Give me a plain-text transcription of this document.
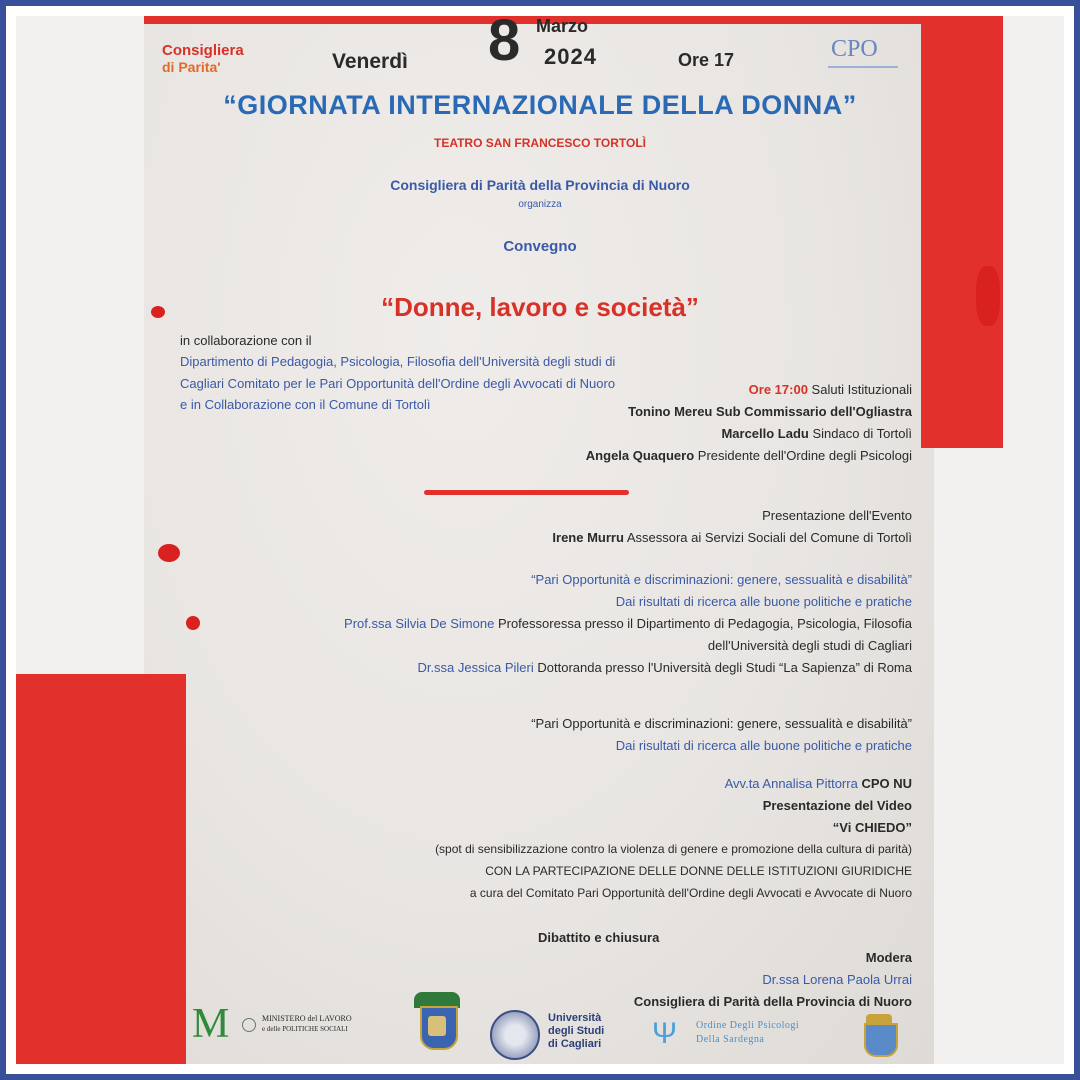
Consigliera
di Parita'	Venerdì 8 Marzo
2024	Ore 17	CPO
“GIORNATA INTERNAZIONALE DELLA DONNA”
TEATRO SAN FRANCESCO TORTOLÌ
Consigliera di Parità della Provincia di Nuoro
organizza
Convegno
“Donne, lavoro e società”
in collaborazione con il
Dipartimento di Pedagogia, Psicologia, Filosofia dell'Università degli studi di
Cagliari Comitato per le Pari Opportunità dell'Ordine degli Avvocati di Nuoro
e in Collaborazione con il Comune di Tortolì
Ore 17:00 Saluti Istituzionali
Tonino Mereu Sub Commissario dell'Ogliastra
Marcello Ladu Sindaco di Tortolì
Angela Quaquero Presidente dell'Ordine degli Psicologi
Presentazione dell'Evento
Irene Murru Assessora ai Servizi Sociali del Comune di Tortolì
“Pari Opportunità e discriminazioni: genere, sessualità e disabilità”
Dai risultati di ricerca alle buone politiche e pratiche
Prof.ssa Silvia De Simone Professoressa presso il Dipartimento di Pedagogia, Psicologia, Filosofia
dell'Università degli studi di Cagliari
Dr.ssa Jessica Pileri Dottoranda presso l'Università degli Studi “La Sapienza” di Roma
“Pari Opportunità e discriminazioni: genere, sessualità e disabilità”
Dai risultati di ricerca alle buone politiche e pratiche
Avv.ta Annalisa Pittorra CPO NU
Presentazione del Video
“Vi CHIEDO”
(spot di sensibilizzazione contro la violenza di genere e promozione della cultura di parità)
CON LA PARTECIPAZIONE DELLE DONNE DELLE ISTITUZIONI GIURIDICHE
a cura del Comitato Pari Opportunità dell'Ordine degli Avvocati e Avvocate di Nuoro
Dibattito e chiusura
Modera
Dr.ssa Lorena Paola Urrai
Consigliera di Parità della Provincia di Nuoro
M	MINISTERO del LAVORO
e delle POLITICHE SOCIALI
Università
degli Studi
di Cagliari Ψ Ordine Degli Psicologi
Della Sardegna
